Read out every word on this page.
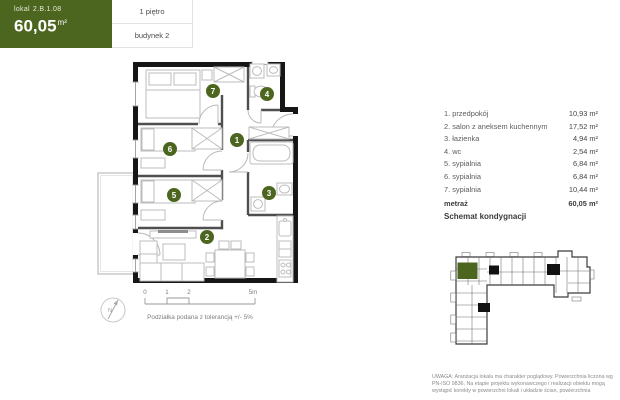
lokal 2.B.1.08
$60,05^{m^2}$
1 piętro
budynek 2
1
2
3
4
5
6
7
N
0	1	2	5m
Podziałka podana z tolerancją +/- 5%
1. przedpokój	10,93 m²
2. salon z aneksem kuchennym	17,52 m²
3. łazienka	4,94 m²
4. wc	2,54 m²
5. sypialnia	6,84 m²
6. sypialnia	6,84 m²
7. sypialnia	10,44 m²
metraż	60,05 m²
Schemat kondygnacji
UWAGA: Aranżacja lokalu ma charakter poglądowy. Powierzchnia liczona wg PN-ISO 9836. Na etapie projektu wykonawczego i realizacji obiektu mogą wystąpić korekty w powierzchni lokali i układzie ścian, powierzchnia
